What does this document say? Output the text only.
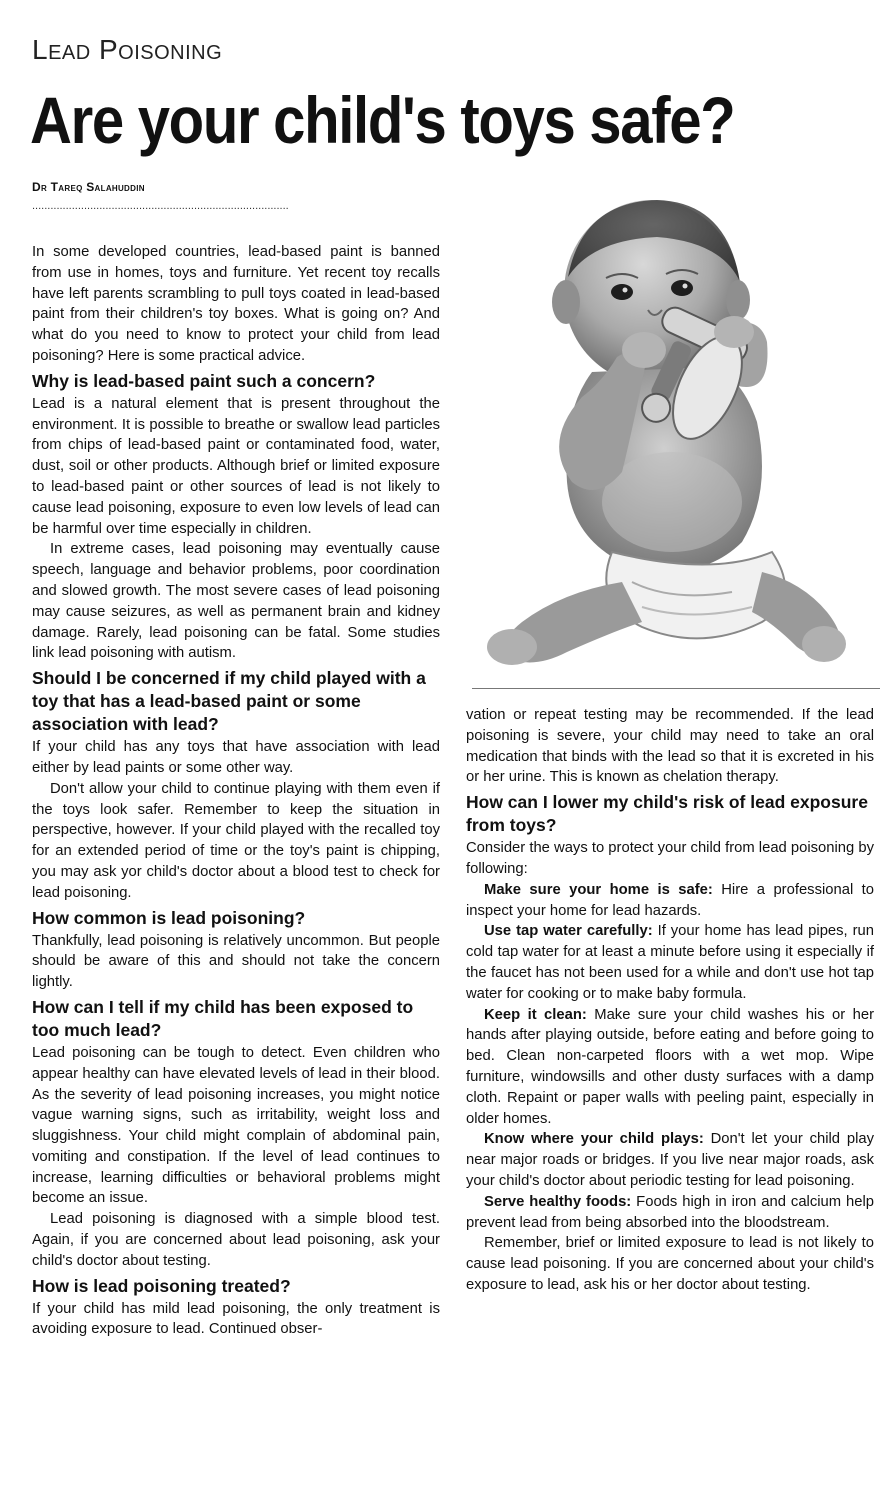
Lead Poisoning
Are your child's toys safe?
Dr Tareq Salahuddin
....................................................................................

In some developed countries, lead-based paint is banned from use in homes, toys and furniture. Yet recent toy recalls have left parents scrambling to pull toys coated in lead-based paint from their children's toy boxes. What is going on? And what do you need to know to protect your child from lead poisoning? Here is some practical advice.

Why is lead-based paint such a concern?

Lead is a natural element that is present throughout the environment. It is possible to breathe or swallow lead particles from chips of lead-based paint or contaminated food, water, dust, soil or other products. Although brief or limited exposure to lead-based paint or other sources of lead is not likely to cause lead poisoning, exposure to even low levels of lead can be harmful over time especially in children.

In extreme cases, lead poisoning may eventually cause speech, language and behavior problems, poor coordination and slowed growth. The most severe cases of lead poisoning may cause seizures, as well as permanent brain and kidney damage. Rarely, lead poisoning can be fatal. Some studies link lead poisoning with autism.

Should I be concerned if my child played with a toy that has a lead-based paint or some association with lead?

If your child has any toys that have association with lead either by lead paints or some other way.

Don't allow your child to continue playing with them even if the toys look safer. Remember to keep the situation in perspective, however. If your child played with the recalled toy for an extended period of time or the toy's paint is chipping, you may ask yor child's doctor about a blood test to check for lead poisoning.

How common is lead poisoning?

Thankfully, lead poisoning is relatively uncommon. But people should be aware of this and should not take the concern lightly.

How can I tell if my child has been exposed to too much lead?

Lead poisoning can be tough to detect. Even children who appear healthy can have elevated levels of lead in their blood. As the severity of lead poisoning increases, you might notice vague warning signs, such as irritability, weight loss and sluggishness. Your child might complain of abdominal pain, vomiting and constipation. If the level of lead continues to increase, learning difficulties or behavioral problems might become an issue.

Lead poisoning is diagnosed with a simple blood test. Again, if you are concerned about lead poisoning, ask your child's doctor about testing.

How is lead poisoning treated?

If your child has mild lead poisoning, the only treatment is avoiding exposure to lead. Continued obser-

vation or repeat testing may be recommended. If the lead poisoning is severe, your child may need to take an oral medication that binds with the lead so that it is excreted in his or her urine. This is known as chelation therapy.

How can I lower my child's risk of lead exposure from toys?

Consider the ways to protect your child from lead poisoning by following:

Make sure your home is safe: Hire a professional to inspect your home for lead hazards.

Use tap water carefully: If your home has lead pipes, run cold tap water for at least a minute before using it especially if the faucet has not been used for a while and don't use hot tap water for cooking or to make baby formula.

Keep it clean: Make sure your child washes his or her hands after playing outside, before eating and before going to bed. Clean non-carpeted floors with a wet mop. Wipe furniture, windowsills and other dusty surfaces with a damp cloth. Repaint or paper walls with peeling paint, especially in older homes.

Know where your child plays: Don't let your child play near major roads or bridges. If you live near major roads, ask your child's doctor about periodic testing for lead poisoning.

Serve healthy foods: Foods high in iron and calcium help prevent lead from being absorbed into the bloodstream.

Remember, brief or limited exposure to lead is not likely to cause lead poisoning. If you are concerned about your child's exposure to lead, ask his or her doctor about testing.
